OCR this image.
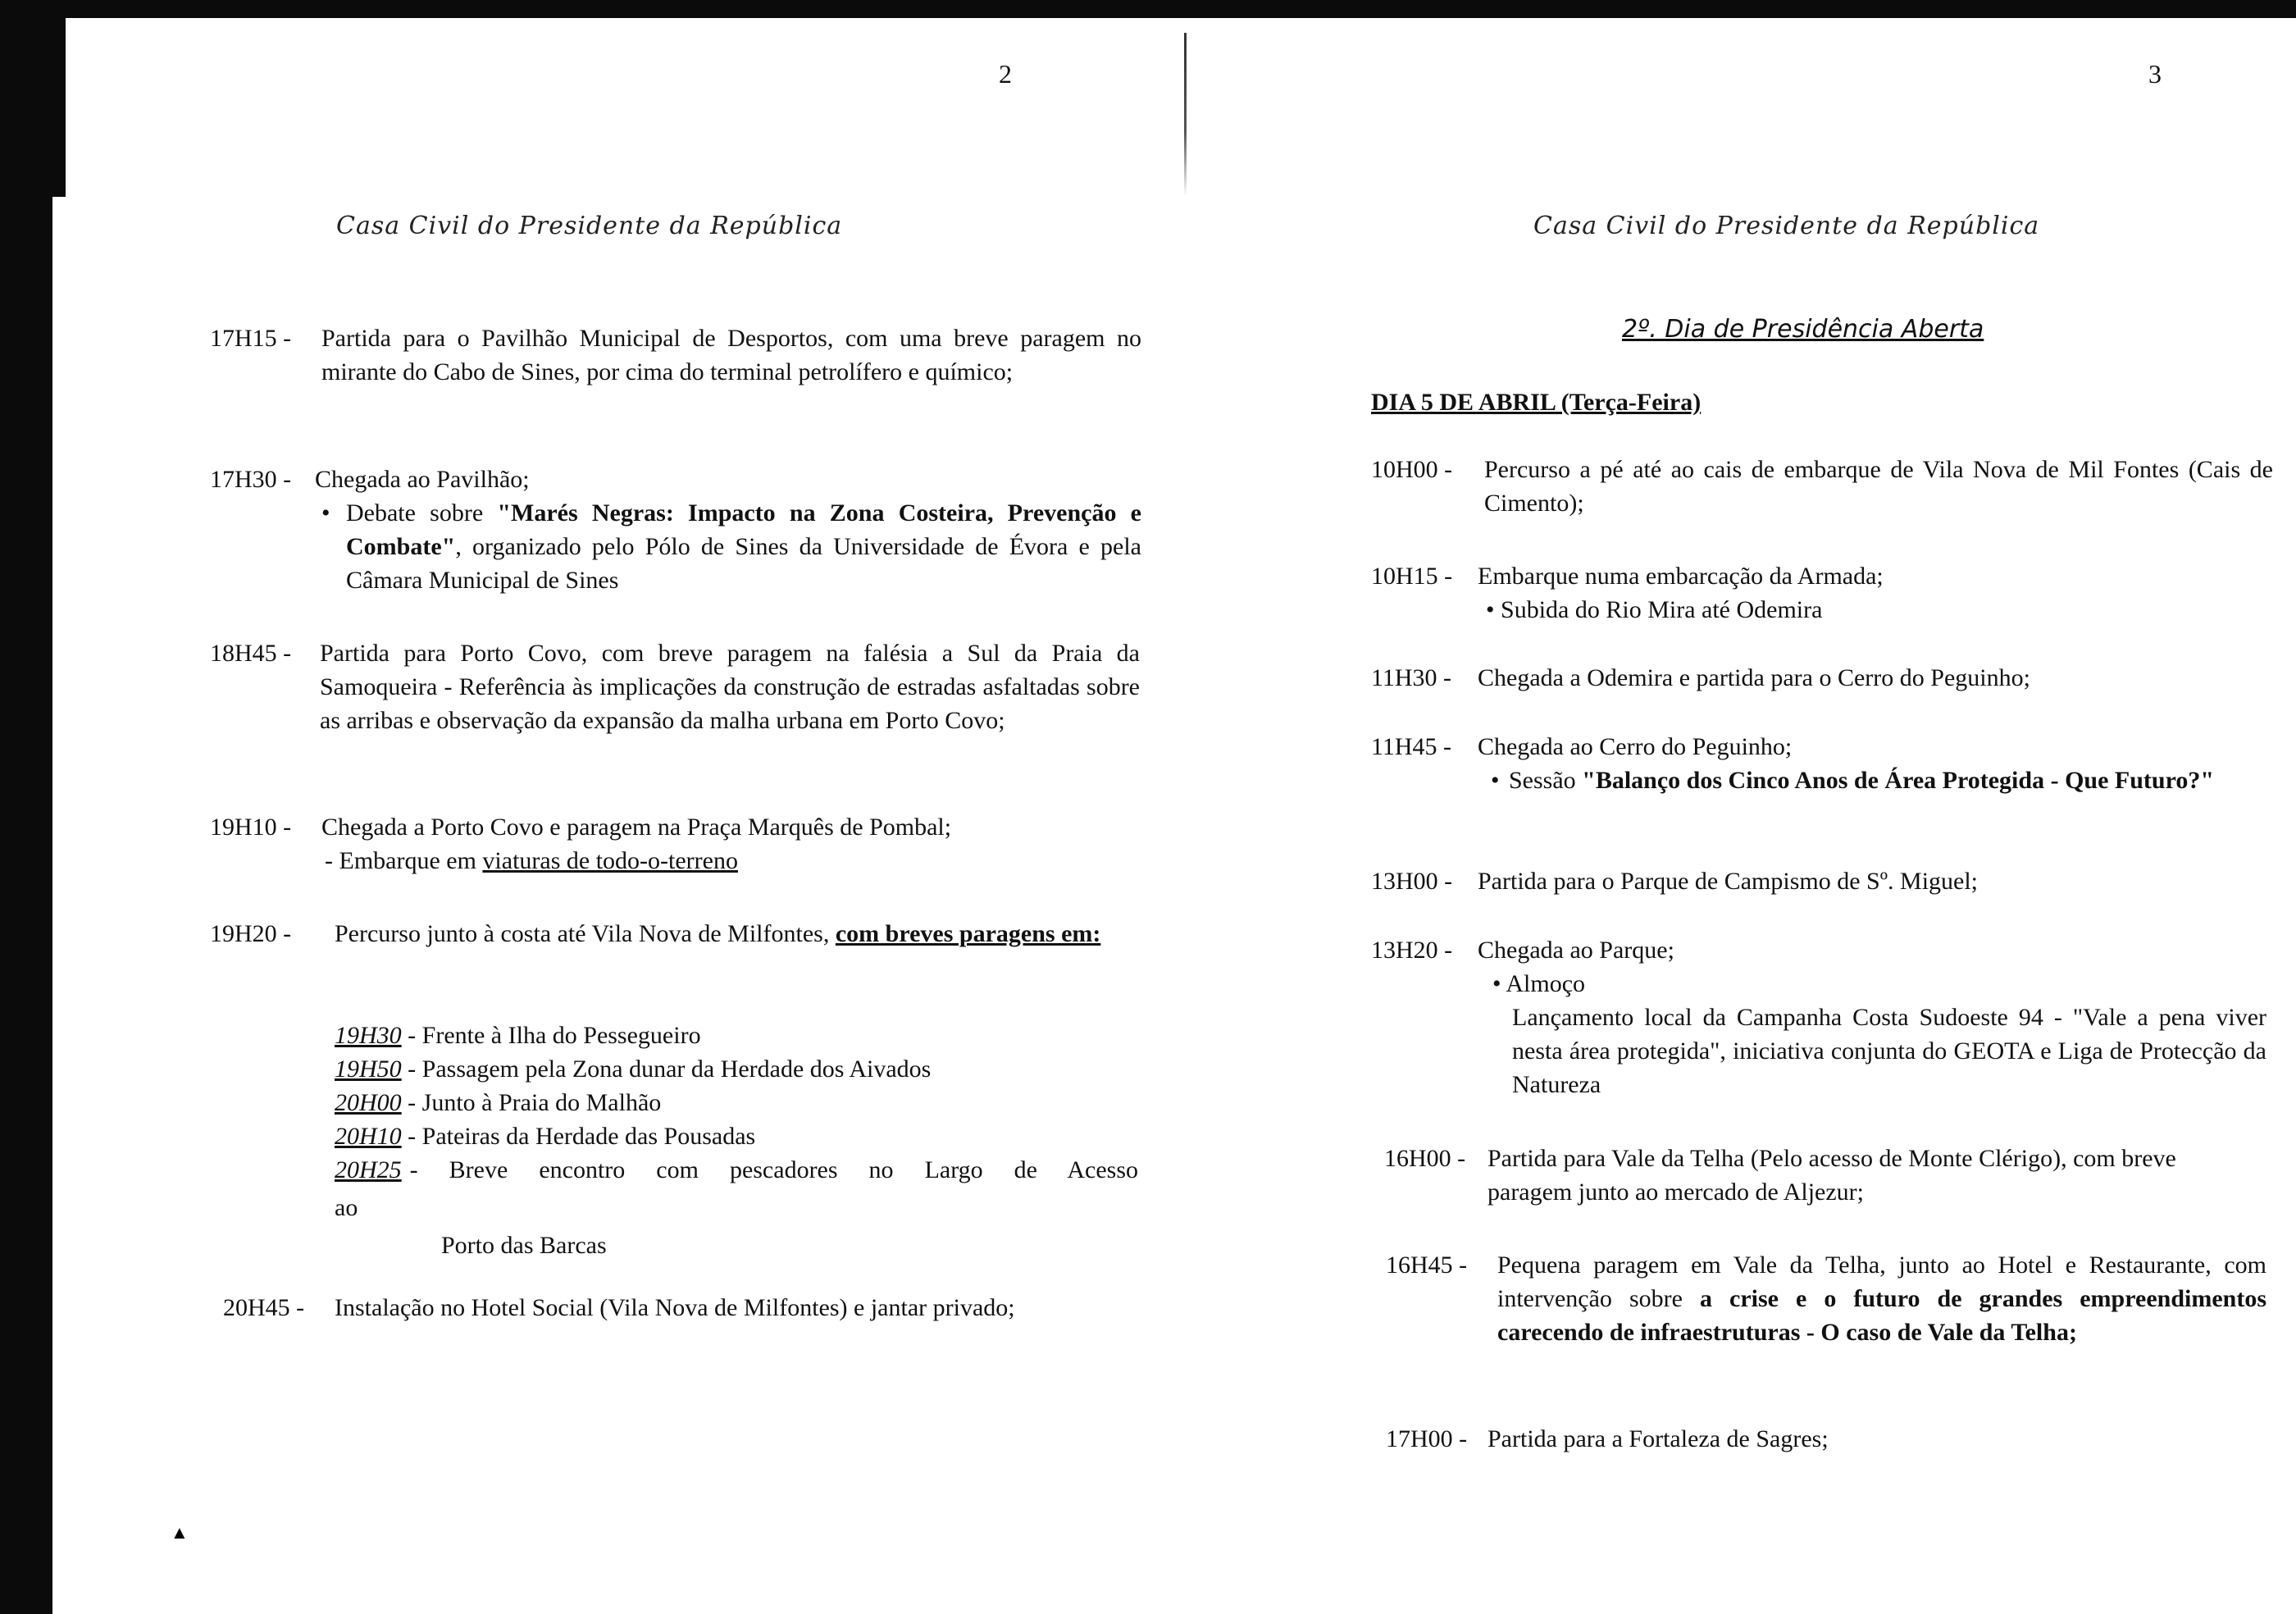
2
Casa Civil do Presidente da República
17H15 - Partida para o Pavilhão Municipal de Desportos, com uma breve paragem no mirante do Cabo de Sines, por cima do terminal petrolífero e químico;
17H30 - Chegada ao Pavilhão;
• Debate sobre "Marés Negras: Impacto na Zona Costeira, Prevenção e Combate", organizado pelo Pólo de Sines da Universidade de Évora e pela Câmara Municipal de Sines
18H45 - Partida para Porto Covo, com breve paragem na falésia a Sul da Praia da Samoqueira - Referência às implicações da construção de estradas asfaltadas sobre as arribas e observação da expansão da malha urbana em Porto Covo;
19H10 - Chegada a Porto Covo e paragem na Praça Marquês de Pombal;
- Embarque em viaturas de todo-o-terreno
19H20 - Percurso junto à costa até Vila Nova de Milfontes, com breves paragens em:
19H30 - Frente à Ilha do Pessegueiro
19H50 - Passagem pela Zona dunar da Herdade dos Aivados
20H00 - Junto à Praia do Malhão
20H10 - Pateiras da Herdade das Pousadas
20H25 - Breve encontro com pescadores no Largo de Acesso
ao
Porto das Barcas
20H45 - Instalação no Hotel Social (Vila Nova de Milfontes) e jantar privado;
▲
3
Casa Civil do Presidente da República
2º. Dia de Presidência Aberta
DIA 5 DE ABRIL (Terça-Feira)
10H00 - Percurso a pé até ao cais de embarque de Vila Nova de Mil Fontes (Cais de Cimento);
10H15 - Embarque numa embarcação da Armada;
• Subida do Rio Mira até Odemira
11H30 - Chegada a Odemira e partida para o Cerro do Peguinho;
11H45 - Chegada ao Cerro do Peguinho;
• Sessão "Balanço dos Cinco Anos de Área Protegida - Que Futuro?"
13H00 - Partida para o Parque de Campismo de Sº. Miguel;
13H20 - Chegada ao Parque;
• Almoço
Lançamento local da Campanha Costa Sudoeste 94 - "Vale a pena viver nesta área protegida", iniciativa conjunta do GEOTA e Liga de Protecção da Natureza
16H00 - Partida para Vale da Telha (Pelo acesso de Monte Clérigo), com breve paragem junto ao mercado de Aljezur;
16H45 - Pequena paragem em Vale da Telha, junto ao Hotel e Restaurante, com intervenção sobre a crise e o futuro de grandes empreendimentos carecendo de infraestruturas - O caso de Vale da Telha;
17H00 - Partida para a Fortaleza de Sagres;
